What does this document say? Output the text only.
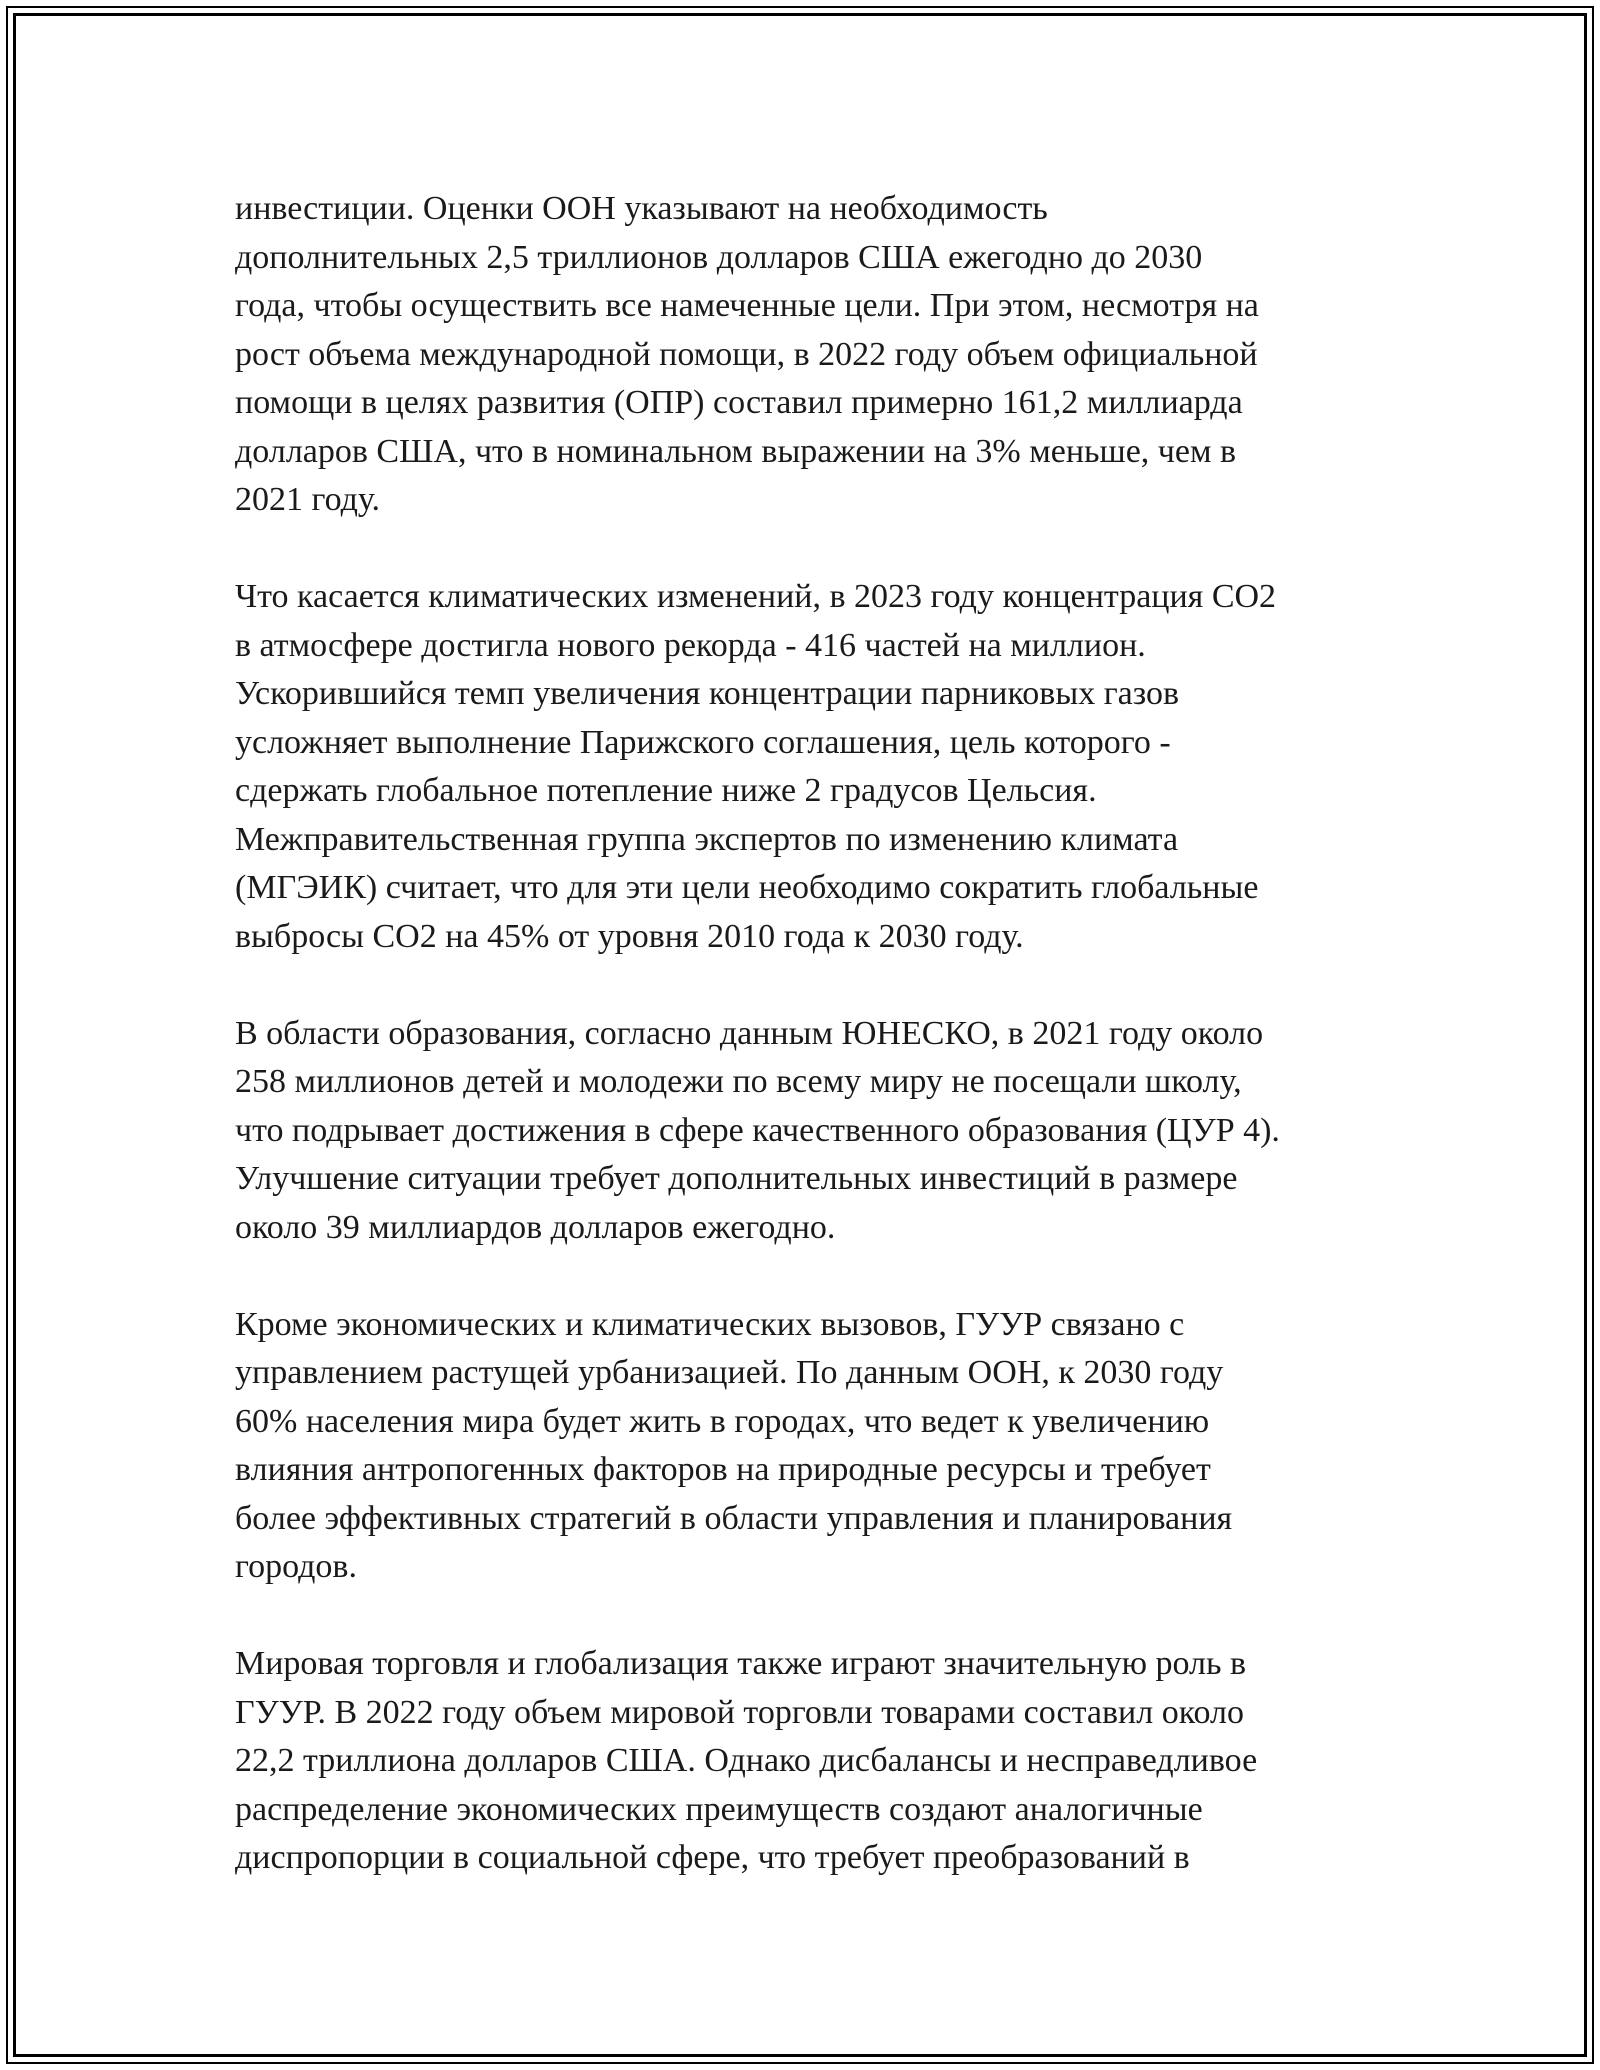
инвестиции. Оценки ООН указывают на необходимость
дополнительных 2,5 триллионов долларов США ежегодно до 2030
года, чтобы осуществить все намеченные цели. При этом, несмотря на
рост объема международной помощи, в 2022 году объем официальной
помощи в целях развития (ОПР) составил примерно 161,2 миллиарда
долларов США, что в номинальном выражении на 3% меньше, чем в
2021 году.

Что касается климатических изменений, в 2023 году концентрация CO2
в атмосфере достигла нового рекорда - 416 частей на миллион.
Ускорившийся темп увеличения концентрации парниковых газов
усложняет выполнение Парижского соглашения, цель которого -
сдержать глобальное потепление ниже 2 градусов Цельсия.
Межправительственная группа экспертов по изменению климата
(МГЭИК) считает, что для эти цели необходимо сократить глобальные
выбросы CO2 на 45% от уровня 2010 года к 2030 году.

В области образования, согласно данным ЮНЕСКО, в 2021 году около
258 миллионов детей и молодежи по всему миру не посещали школу,
что подрывает достижения в сфере качественного образования (ЦУР 4).
Улучшение ситуации требует дополнительных инвестиций в размере
около 39 миллиардов долларов ежегодно.

Кроме экономических и климатических вызовов, ГУУР связано с
управлением растущей урбанизацией. По данным ООН, к 2030 году
60% населения мира будет жить в городах, что ведет к увеличению
влияния антропогенных факторов на природные ресурсы и требует
более эффективных стратегий в области управления и планирования
городов.

Мировая торговля и глобализация также играют значительную роль в
ГУУР. В 2022 году объем мировой торговли товарами составил около
22,2 триллиона долларов США. Однако дисбалансы и несправедливое
распределение экономических преимуществ создают аналогичные
диспропорции в социальной сфере, что требует преобразований в
